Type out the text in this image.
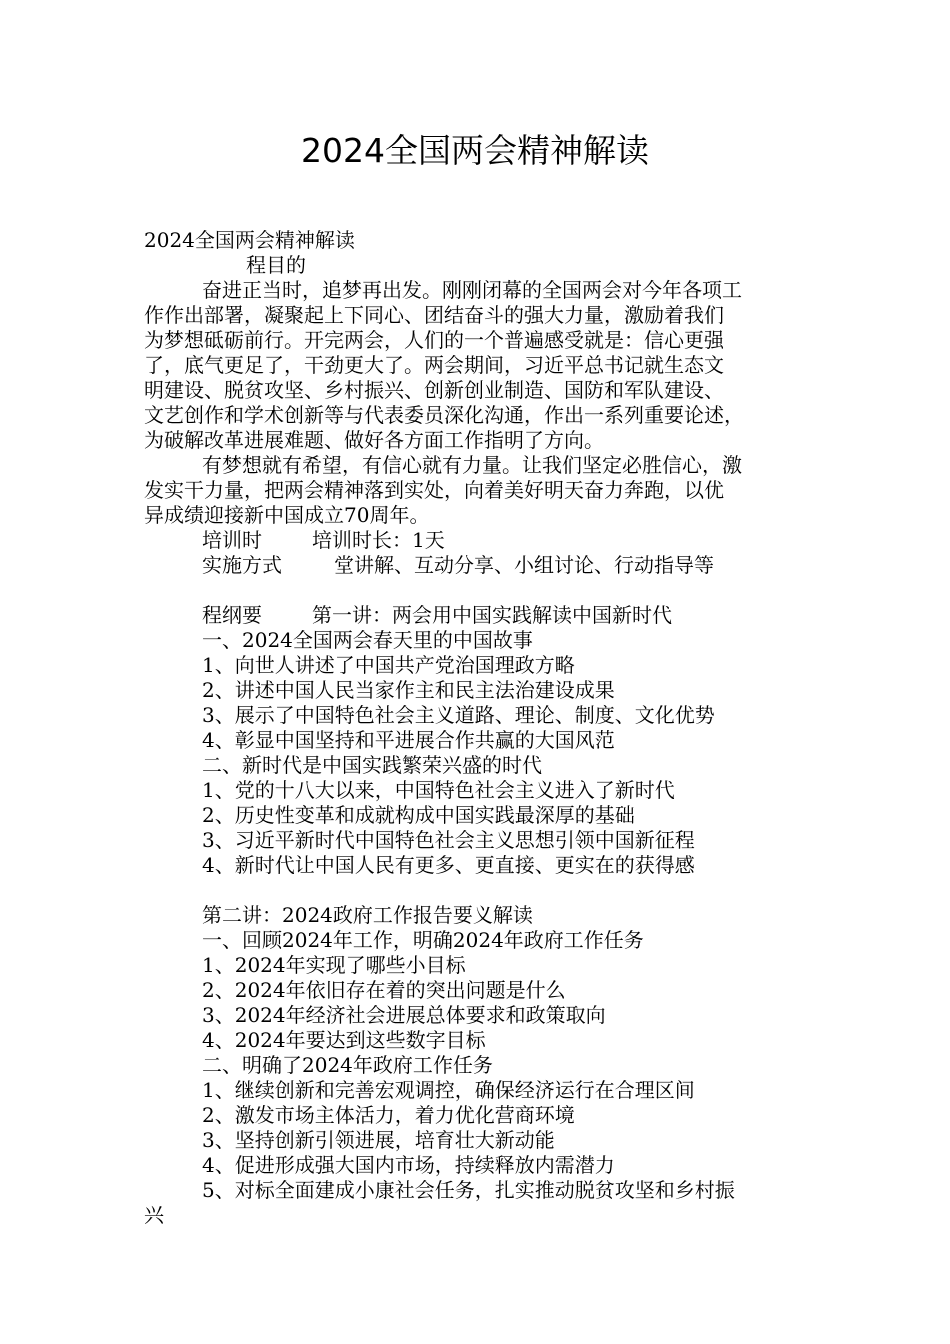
2024全国两会精神解读
2024全国两会精神解读
程目的
奋进正当时，追梦再出发。刚刚闭幕的全国两会对今年各项工
作作出部署，凝聚起上下同心、团结奋斗的强大力量，激励着我们
为梦想砥砺前行。开完两会，人们的一个普遍感受就是：信心更强
了，底气更足了，干劲更大了。两会期间，习近平总书记就生态文
明建设、脱贫攻坚、乡村振兴、创新创业制造、国防和军队建设、
文艺创作和学术创新等与代表委员深化沟通，作出一系列重要论述，
为破解改革进展难题、做好各方面工作指明了方向。
有梦想就有希望，有信心就有力量。让我们坚定必胜信心，激
发实干力量，把两会精神落到实处，向着美好明天奋力奔跑，以优
异成绩迎接新中国成立70周年。
培训时	培训时长：1天
实施方式	堂讲解、互动分享、小组讨论、行动指导等
程纲要	第一讲：两会用中国实践解读中国新时代
一、2024全国两会春天里的中国故事
1、向世人讲述了中国共产党治国理政方略
2、讲述中国人民当家作主和民主法治建设成果
3、展示了中国特色社会主义道路、理论、制度、文化优势
4、彰显中国坚持和平进展合作共赢的大国风范
二、新时代是中国实践繁荣兴盛的时代
1、党的十八大以来，中国特色社会主义进入了新时代
2、历史性变革和成就构成中国实践最深厚的基础
3、习近平新时代中国特色社会主义思想引领中国新征程
4、新时代让中国人民有更多、更直接、更实在的获得感
第二讲：2024政府工作报告要义解读
一、回顾2024年工作，明确2024年政府工作任务
1、2024年实现了哪些小目标
2、2024年依旧存在着的突出问题是什么
3、2024年经济社会进展总体要求和政策取向
4、2024年要达到这些数字目标
二、明确了2024年政府工作任务
1、继续创新和完善宏观调控，确保经济运行在合理区间
2、激发市场主体活力，着力优化营商环境
3、坚持创新引领进展，培育壮大新动能
4、促进形成强大国内市场，持续释放内需潜力
5、对标全面建成小康社会任务，扎实推动脱贫攻坚和乡村振
兴
